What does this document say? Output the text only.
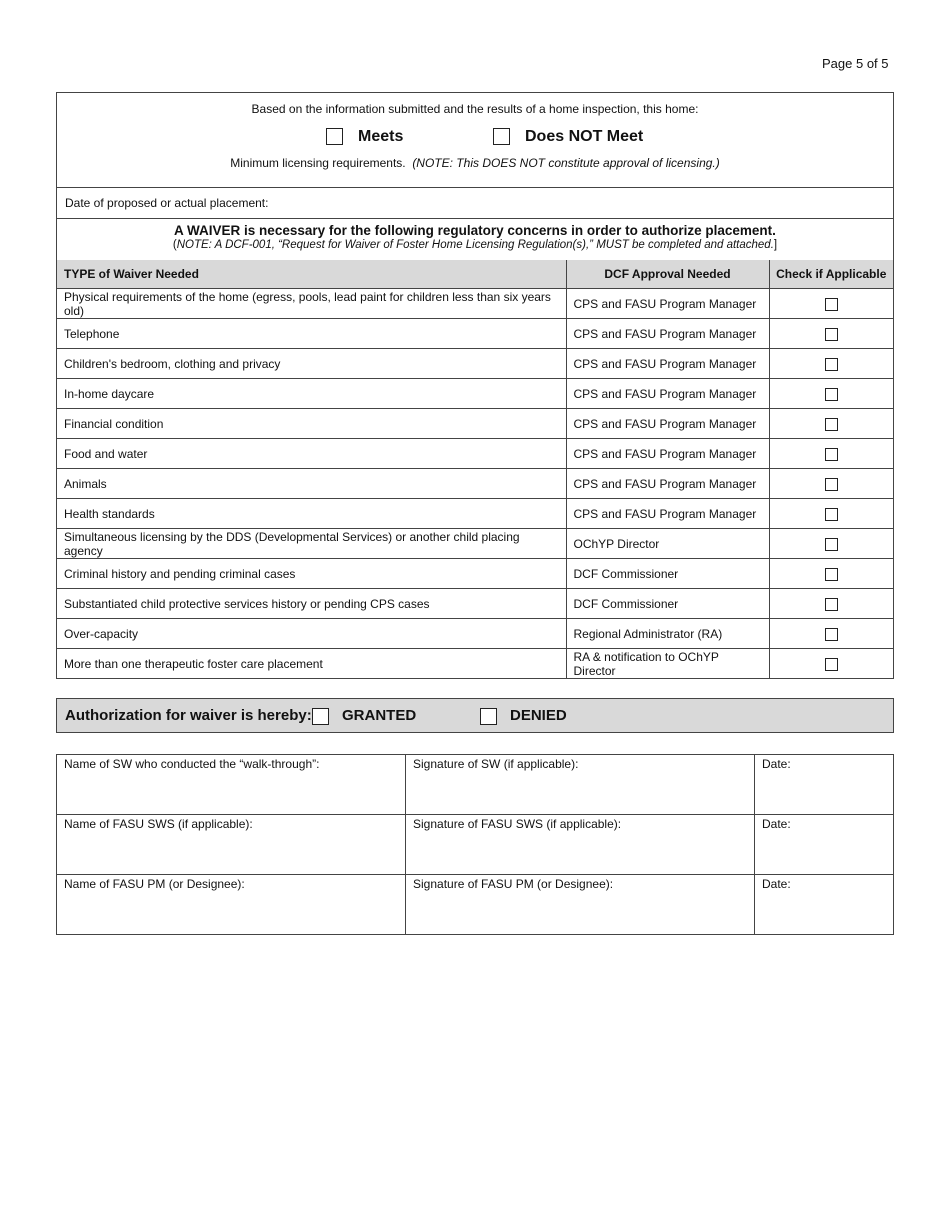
Page 5 of 5
Based on the information submitted and the results of a home inspection, this home:
Meets	Does NOT Meet
Minimum licensing requirements. (NOTE: This DOES NOT constitute approval of licensing.)
Date of proposed or actual placement:
A WAIVER is necessary for the following regulatory concerns in order to authorize placement.
(NOTE: A DCF-001, “Request for Waiver of Foster Home Licensing Regulation(s),” MUST be completed and attached.]
TYPE of Waiver Needed	DCF Approval Needed	Check if Applicable
Physical requirements of the home (egress, pools, lead paint for children less than six years old)	CPS and FASU Program Manager	
Telephone	CPS and FASU Program Manager	
Children's bedroom, clothing and privacy	CPS and FASU Program Manager	
In-home daycare	CPS and FASU Program Manager	
Financial condition	CPS and FASU Program Manager	
Food and water	CPS and FASU Program Manager	
Animals	CPS and FASU Program Manager	
Health standards	CPS and FASU Program Manager	
Simultaneous licensing by the DDS (Developmental Services) or another child placing agency	OChYP Director	
Criminal history and pending criminal cases	DCF Commissioner	
Substantiated child protective services history or pending CPS cases	DCF Commissioner	
Over-capacity	Regional Administrator (RA)	
More than one therapeutic foster care placement	RA & notification to OChYP Director	
Authorization for waiver is hereby:	GRANTED	DENIED
Name of SW who conducted the “walk-through”:	Signature of SW (if applicable):	Date:
Name of FASU SWS (if applicable):	Signature of FASU SWS (if applicable):	Date:
Name of FASU PM (or Designee):	Signature of FASU PM (or Designee):	Date:
